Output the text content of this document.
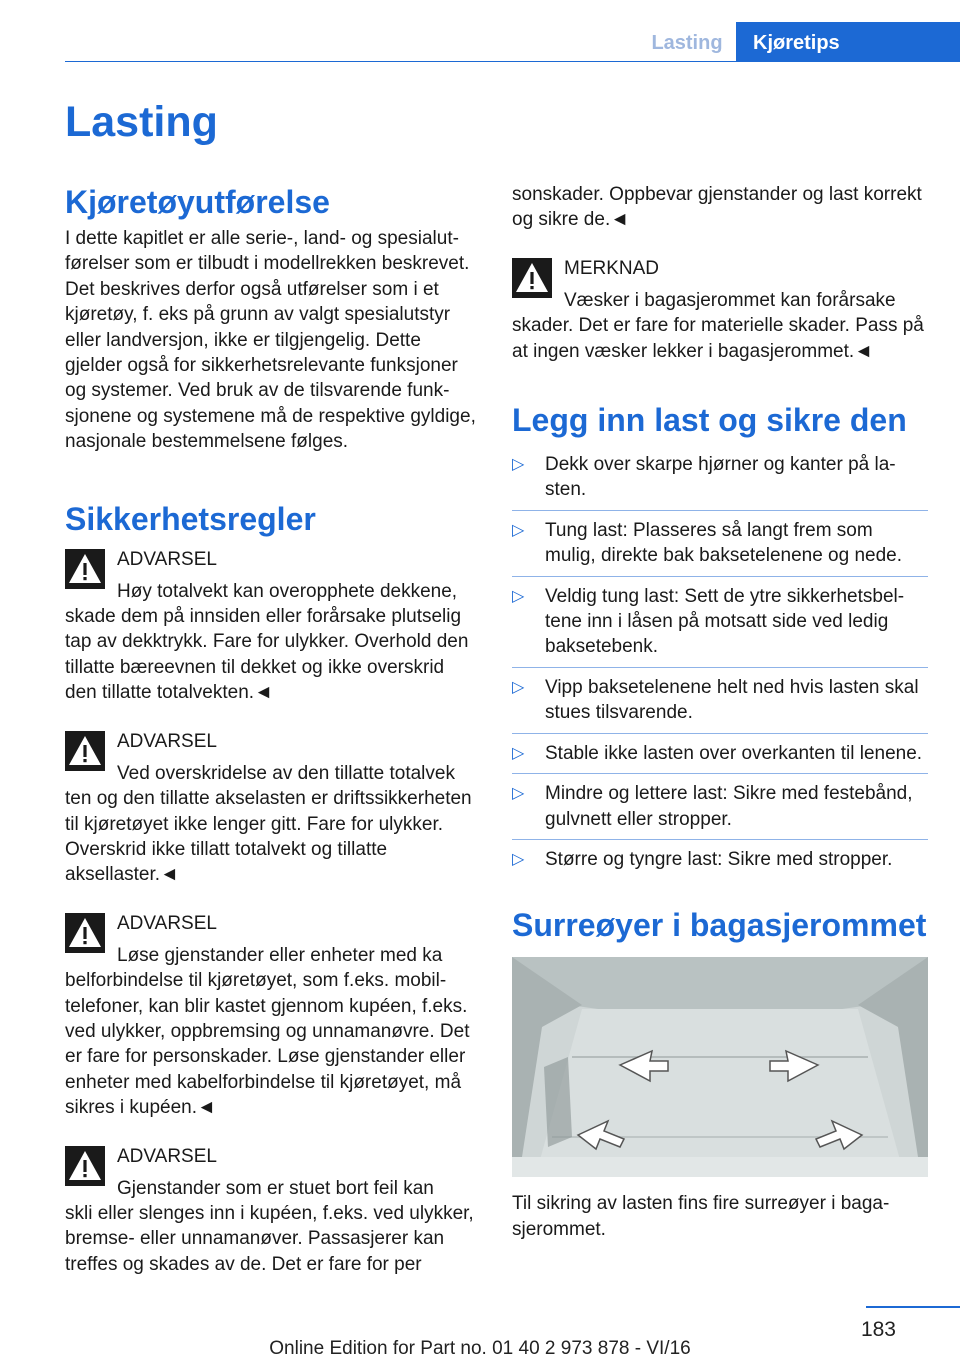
Lasting	Kjøretips
Lasting
Kjøretøyutførelse

I dette kapitlet er alle serie-, land- og spesialutførelser som er tilbudt i modellrekken beskrevet. Det beskrives derfor også utførelser som i et kjøretøy, f. eks på grunn av valgt spesialutstyr eller landversjon, ikke er tilgjengelig. Dette gjelder også for sikkerhetsrelevante funksjoner og systemer. Ved bruk av de tilsvarende funksjonene og systemene må de respektive gyldige, nasjonale bestemmelsene følges.

Sikkerhetsregler
ADVARSEL

Høy totalvekt kan overopphete dekkene,

skade dem på innsiden eller forårsake plutselig tap av dekktrykk. Fare for ulykker. Overhold den tillatte bæreevnen til dekket og ikke overskrid den tillatte totalvekten.◄

ADVARSEL

Ved overskridelse av den tillatte totalvek

ten og den tillatte akselasten er driftssikkerheten til kjøretøyet ikke lenger gitt. Fare for ulykker. Overskrid ikke tillatt totalvekt og tillatte aksellaster.◄

ADVARSEL

Løse gjenstander eller enheter med ka

belforbindelse til kjøretøyet, som f.eks. mobiltelefoner, kan blir kastet gjennom kupéen, f.eks. ved ulykker, oppbremsing og unnamanøvre. Det er fare for personskader. Løse gjenstander eller enheter med kabelforbindelse til kjøretøyet, må sikres i kupéen.◄

ADVARSEL

Gjenstander som er stuet bort feil kan

skli eller slenges inn i kupéen, f.eks. ved ulykker, bremse- eller unnamanøver. Passasjerer kan treffes og skades av de. Det er fare for per

sonskader. Oppbevar gjenstander og last korrekt og sikre de.◄

MERKNAD

Væsker i bagasjerommet kan forårsake

skader. Det er fare for materielle skader. Pass på at ingen væsker lekker i bagasjerommet.◄

Legg inn last og sikre den
▷ Dekk over skarpe hjørner og kanter på lasten.
▷ Tung last: Plasseres så langt frem som mulig, direkte bak baksetelenene og nede.
▷ Veldig tung last: Sett de ytre sikkerhetsbeltene inn i låsen på motsatt side ved ledig baksetebenk.
▷ Vipp baksetelenene helt ned hvis lasten skal stues tilsvarende.
▷ Stable ikke lasten over overkanten til lenene.
▷ Mindre og lettere last: Sikre med festebånd, gulvnett eller stropper.
▷ Større og tyngre last: Sikre med stropper.
Surreøyer i bagasjerommet

Til sikring av lasten fins fire surreøyer i bagasjerommet.

183
Online Edition for Part no. 01 40 2 973 878 - VI/16
